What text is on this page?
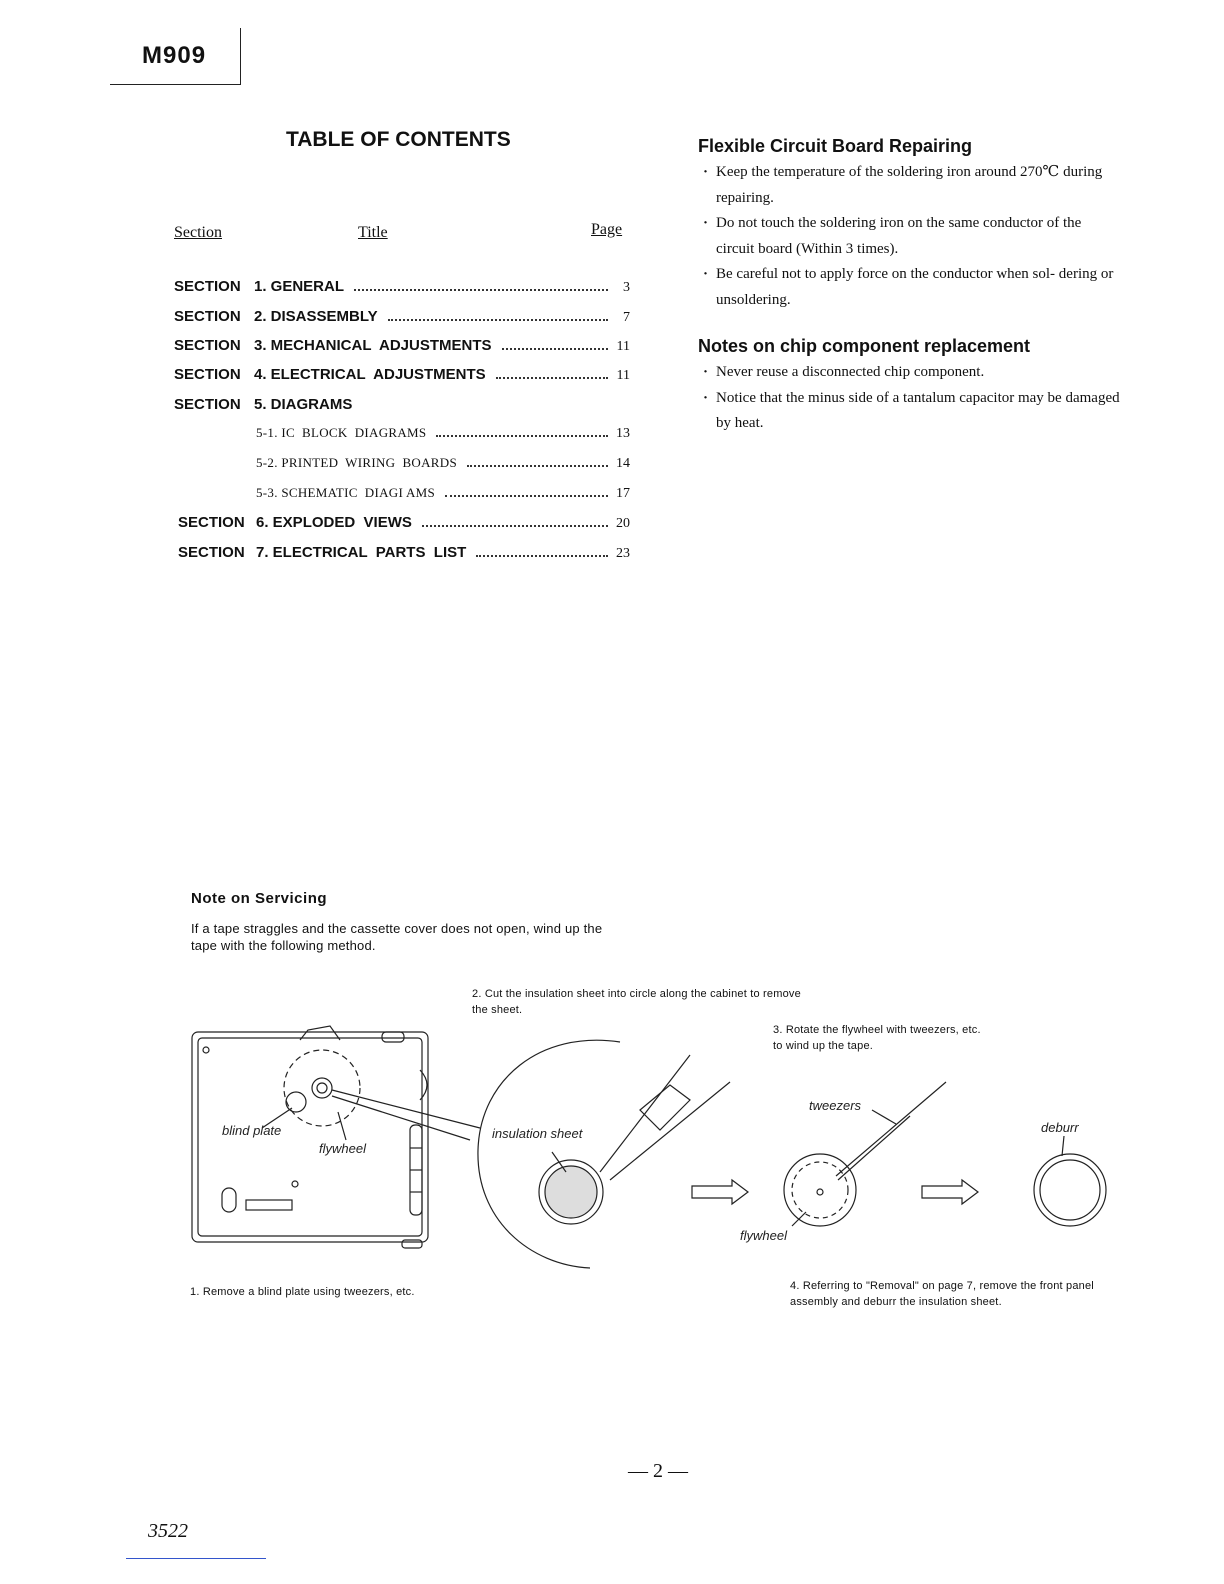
M909
TABLE OF CONTENTS
Section	Title	Page
SECTION 1. GENERAL	3
SECTION 2. DISASSEMBLY	7
SECTION 3. MECHANICAL  ADJUSTMENTS	11
SECTION 4. ELECTRICAL  ADJUSTMENTS	11
SECTION 5. DIAGRAMS
5-1. IC  BLOCK  DIAGRAMS	13
5-2. PRINTED  WIRING  BOARDS	14
5-3. SCHEMATIC  DIAGI AMS	17
SECTION 6. EXPLODED  VIEWS	20
SECTION 7. ELECTRICAL  PARTS  LIST	23
Flexible Circuit Board Repairing
· Keep the temperature of the soldering iron around 270℃ during repairing.
· Do not touch the soldering iron on the same conductor of the circuit board (Within 3 times).
· Be careful not to apply force on the conductor when sol- dering or unsoldering.
Notes on chip component replacement
· Never reuse a disconnected chip component.
· Notice that the minus side of a tantalum capacitor may be damaged by heat.
Note on Servicing
If a tape straggles and the cassette cover does not open, wind up the tape with the following method.
2. Cut the insulation sheet into circle along the cabinet to remove the sheet.
3. Rotate the flywheel with tweezers, etc. to wind up the tape.
1. Remove a blind plate using tweezers, etc.	4. Referring to "Removal" on page 7, remove the front panel assembly and deburr the insulation sheet.
blind plate
flywheel
insulation sheet
tweezers
flywheel
deburr
— 2 —
3522
